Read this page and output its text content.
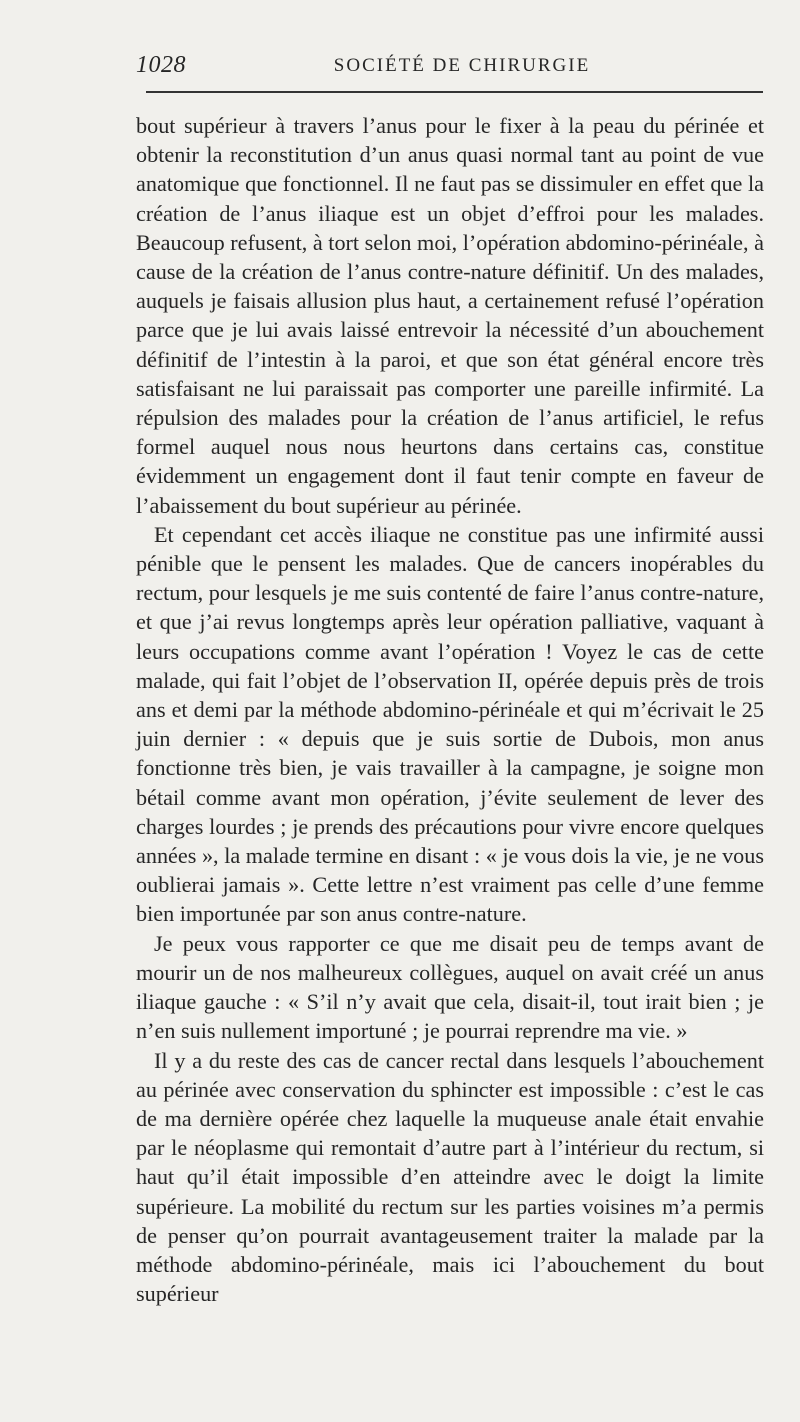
1028	SOCIÉTÉ DE CHIRURGIE

bout supérieur à travers l’anus pour le fixer à la peau du périnée et obtenir la reconstitution d’un anus quasi normal tant au point de vue anatomique que fonctionnel. Il ne faut pas se dissimuler en effet que la création de l’anus iliaque est un objet d’effroi pour les malades. Beaucoup refusent, à tort selon moi, l’opération abdomino-périnéale, à cause de la création de l’anus contre-nature définitif. Un des malades, auquels je faisais allusion plus haut, a certainement refusé l’opération parce que je lui avais laissé entrevoir la nécessité d’un abouchement définitif de l’intestin à la paroi, et que son état général encore très satisfaisant ne lui paraissait pas comporter une pareille infirmité. La répulsion des malades pour la création de l’anus artificiel, le refus formel auquel nous nous heurtons dans certains cas, constitue évidemment un engagement dont il faut tenir compte en faveur de l’abaissement du bout supérieur au périnée.

Et cependant cet accès iliaque ne constitue pas une infirmité aussi pénible que le pensent les malades. Que de cancers inopérables du rectum, pour lesquels je me suis contenté de faire l’anus contre-nature, et que j’ai revus longtemps après leur opération palliative, vaquant à leurs occupations comme avant l’opération ! Voyez le cas de cette malade, qui fait l’objet de l’observation II, opérée depuis près de trois ans et demi par la méthode abdomino-périnéale et qui m’écrivait le 25 juin dernier : « depuis que je suis sortie de Dubois, mon anus fonctionne très bien, je vais travailler à la campagne, je soigne mon bétail comme avant mon opération, j’évite seulement de lever des charges lourdes ; je prends des précautions pour vivre encore quelques années », la malade termine en disant : « je vous dois la vie, je ne vous oublierai jamais ». Cette lettre n’est vraiment pas celle d’une femme bien importunée par son anus contre-nature.

Je peux vous rapporter ce que me disait peu de temps avant de mourir un de nos malheureux collègues, auquel on avait créé un anus iliaque gauche : « S’il n’y avait que cela, disait-il, tout irait bien ; je n’en suis nullement importuné ; je pourrai reprendre ma vie. »

Il y a du reste des cas de cancer rectal dans lesquels l’abouchement au périnée avec conservation du sphincter est impossible : c’est le cas de ma dernière opérée chez laquelle la muqueuse anale était envahie par le néoplasme qui remontait d’autre part à l’intérieur du rectum, si haut qu’il était impossible d’en atteindre avec le doigt la limite supérieure. La mobilité du rectum sur les parties voisines m’a permis de penser qu’on pourrait avantageusement traiter la malade par la méthode abdomino-périnéale, mais ici l’abouchement du bout supérieur
